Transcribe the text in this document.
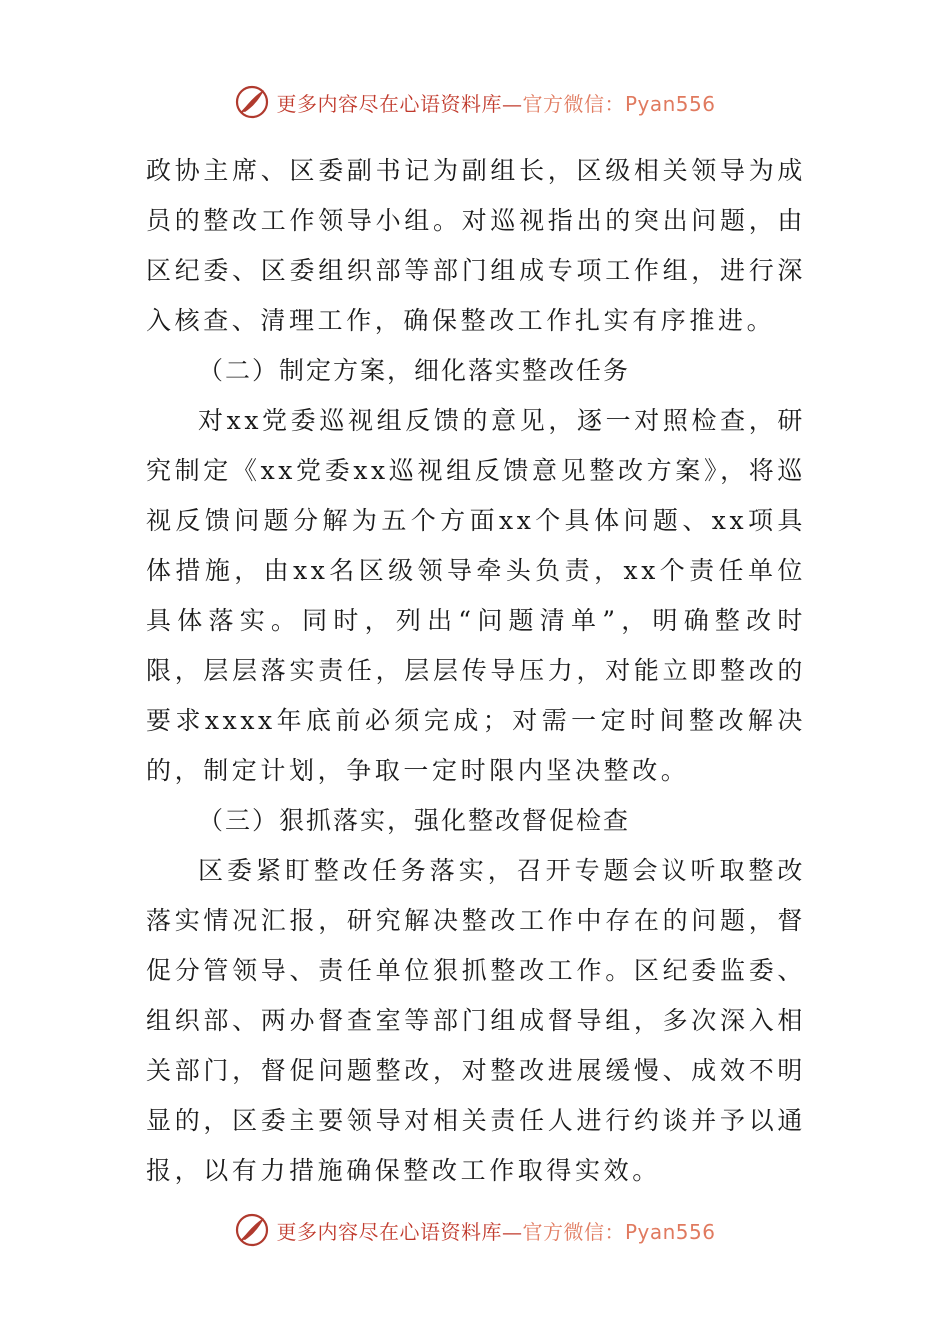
更多内容尽在心语资料库—官方微信：Pyan556

政协主席、区委副书记为副组长，区级相关领导为成员的整改工作领导小组。对巡视指出的突出问题，由区纪委、区委组织部等部门组成专项工作组，进行深入核查、清理工作，确保整改工作扎实有序推进。

（二）制定方案，细化落实整改任务

对xx党委巡视组反馈的意见，逐一对照检查，研究制定《xx党委xx巡视组反馈意见整改方案》，将巡视反馈问题分解为五个方面xx个具体问题、xx项具体措施，由xx名区级领导牵头负责，xx个责任单位具体落实。同时，列出“问题清单”，明确整改时限，层层落实责任，层层传导压力，对能立即整改的要求xxxx年底前必须完成；对需一定时间整改解决的，制定计划，争取一定时限内坚决整改。

（三）狠抓落实，强化整改督促检查

区委紧盯整改任务落实，召开专题会议听取整改落实情况汇报，研究解决整改工作中存在的问题，督促分管领导、责任单位狠抓整改工作。区纪委监委、组织部、两办督查室等部门组成督导组，多次深入相关部门，督促问题整改，对整改进展缓慢、成效不明显的，区委主要领导对相关责任人进行约谈并予以通报，以有力措施确保整改工作取得实效。

更多内容尽在心语资料库—官方微信：Pyan556
